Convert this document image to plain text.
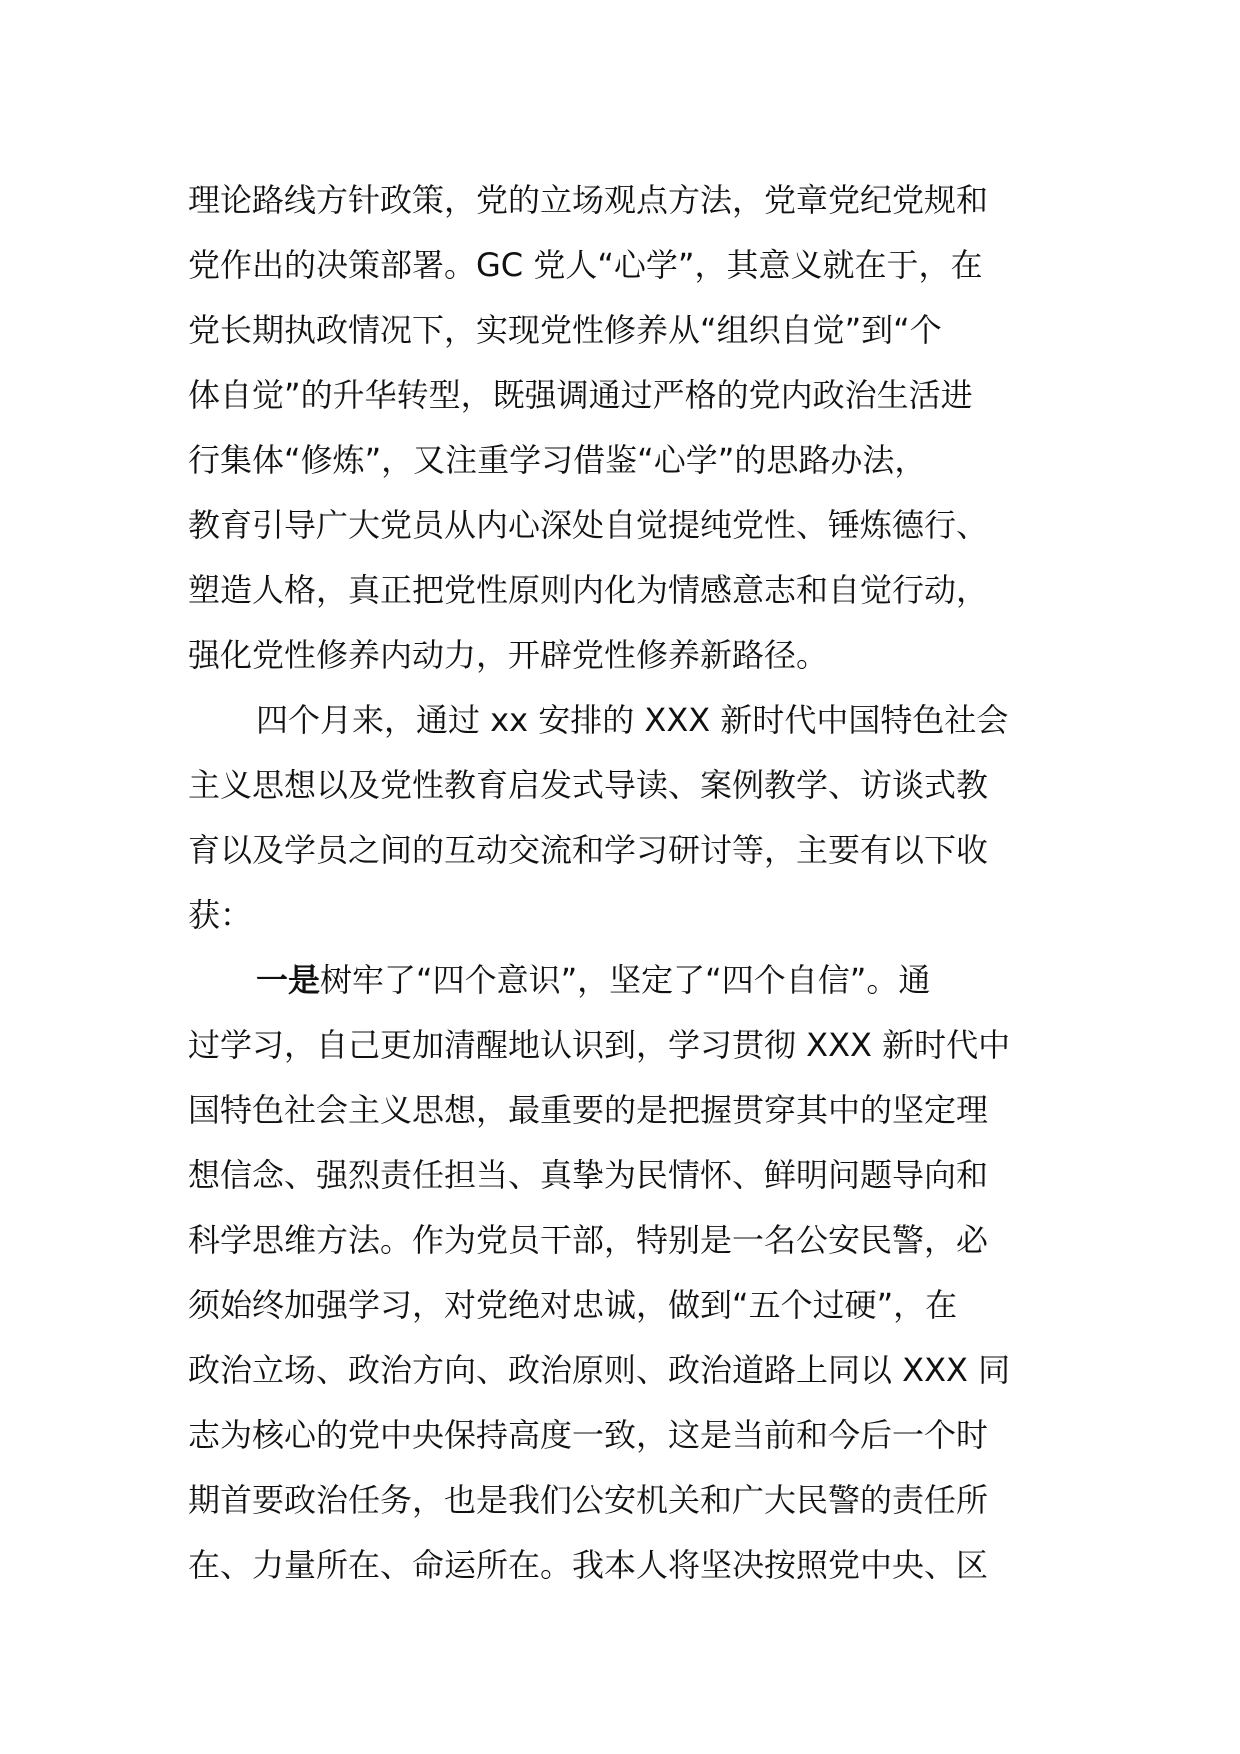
理论路线方针政策，党的立场观点方法，党章党纪党规和
党作出的决策部署。GC 党人“心学”，其意义就在于，在
党长期执政情况下，实现党性修养从“组织自觉”到“个
体自觉”的升华转型，既强调通过严格的党内政治生活进
行集体“修炼”，又注重学习借鉴“心学”的思路办法，
教育引导广大党员从内心深处自觉提纯党性、锤炼德行、
塑造人格，真正把党性原则内化为情感意志和自觉行动，
强化党性修养内动力，开辟党性修养新路径。
四个月来，通过 xx 安排的 XXX 新时代中国特色社会
主义思想以及党性教育启发式导读、案例教学、访谈式教
育以及学员之间的互动交流和学习研讨等，主要有以下收
获：
一是树牢了“四个意识”，坚定了“四个自信”。通
过学习，自己更加清醒地认识到，学习贯彻 XXX 新时代中
国特色社会主义思想，最重要的是把握贯穿其中的坚定理
想信念、强烈责任担当、真挚为民情怀、鲜明问题导向和
科学思维方法。作为党员干部，特别是一名公安民警，必
须始终加强学习，对党绝对忠诚，做到“五个过硬”，在
政治立场、政治方向、政治原则、政治道路上同以 XXX 同
志为核心的党中央保持高度一致，这是当前和今后一个时
期首要政治任务，也是我们公安机关和广大民警的责任所
在、力量所在、命运所在。我本人将坚决按照党中央、区
